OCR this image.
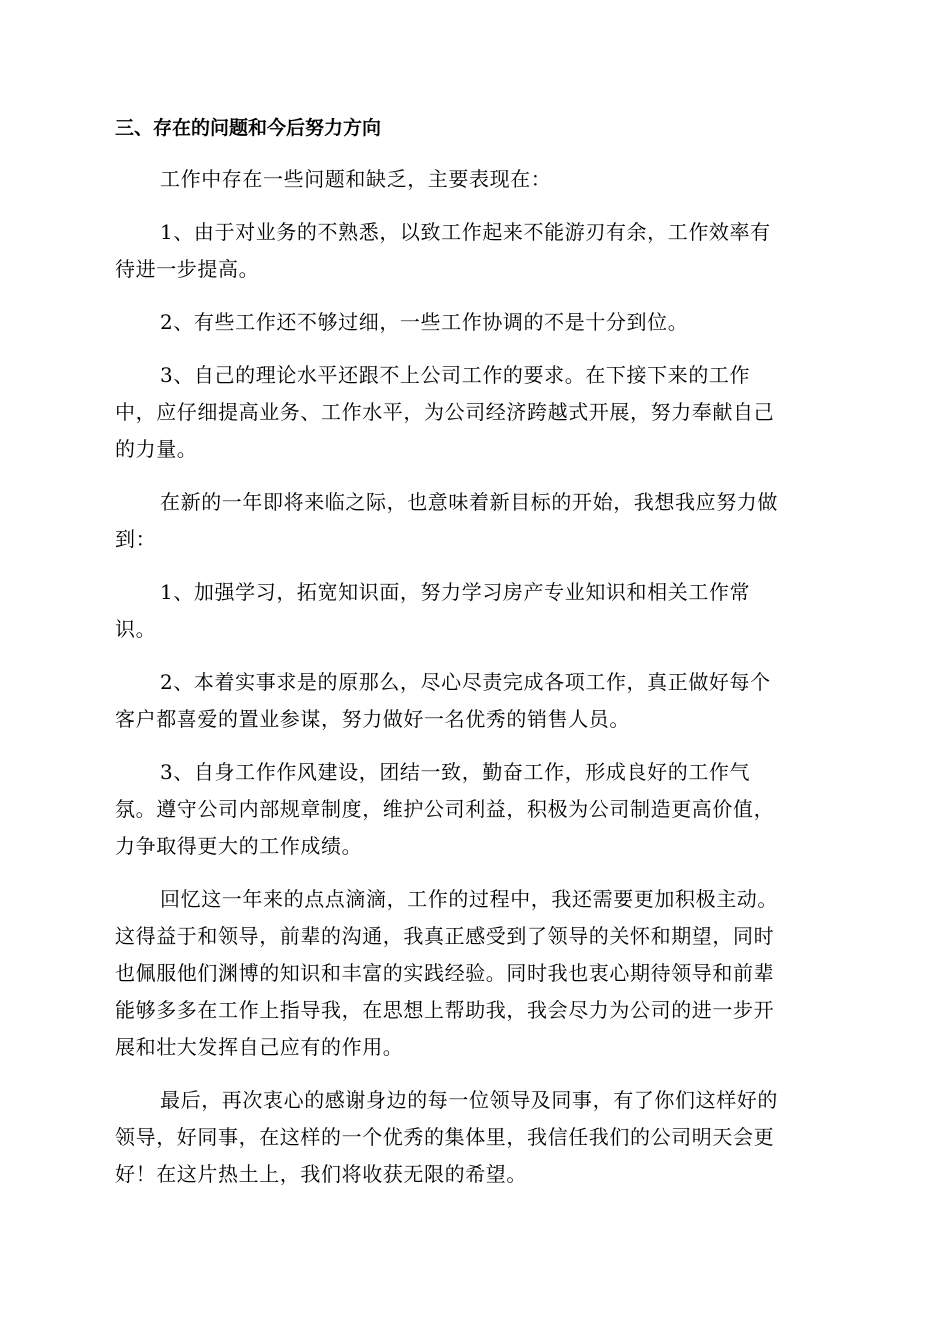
三、存在的问题和今后努力方向
工作中存在一些问题和缺乏，主要表现在：
1、由于对业务的不熟悉，以致工作起来不能游刃有余，工作效率有
待进一步提高。
2、有些工作还不够过细，一些工作协调的不是十分到位。
3、自己的理论水平还跟不上公司工作的要求。在下接下来的工作
中，应仔细提高业务、工作水平，为公司经济跨越式开展，努力奉献自己
的力量。
在新的一年即将来临之际，也意味着新目标的开始，我想我应努力做
到：
1、加强学习，拓宽知识面，努力学习房产专业知识和相关工作常
识。
2、本着实事求是的原那么，尽心尽责完成各项工作，真正做好每个
客户都喜爱的置业参谋，努力做好一名优秀的销售人员。
3、自身工作作风建设，团结一致，勤奋工作，形成良好的工作气
氛。遵守公司内部规章制度，维护公司利益，积极为公司制造更高价值，
力争取得更大的工作成绩。
回忆这一年来的点点滴滴，工作的过程中，我还需要更加积极主动。
这得益于和领导，前辈的沟通，我真正感受到了领导的关怀和期望，同时
也佩服他们渊博的知识和丰富的实践经验。同时我也衷心期待领导和前辈
能够多多在工作上指导我，在思想上帮助我，我会尽力为公司的进一步开
展和壮大发挥自己应有的作用。
最后，再次衷心的感谢身边的每一位领导及同事，有了你们这样好的
领导，好同事，在这样的一个优秀的集体里，我信任我们的公司明天会更
好！在这片热土上，我们将收获无限的希望。
